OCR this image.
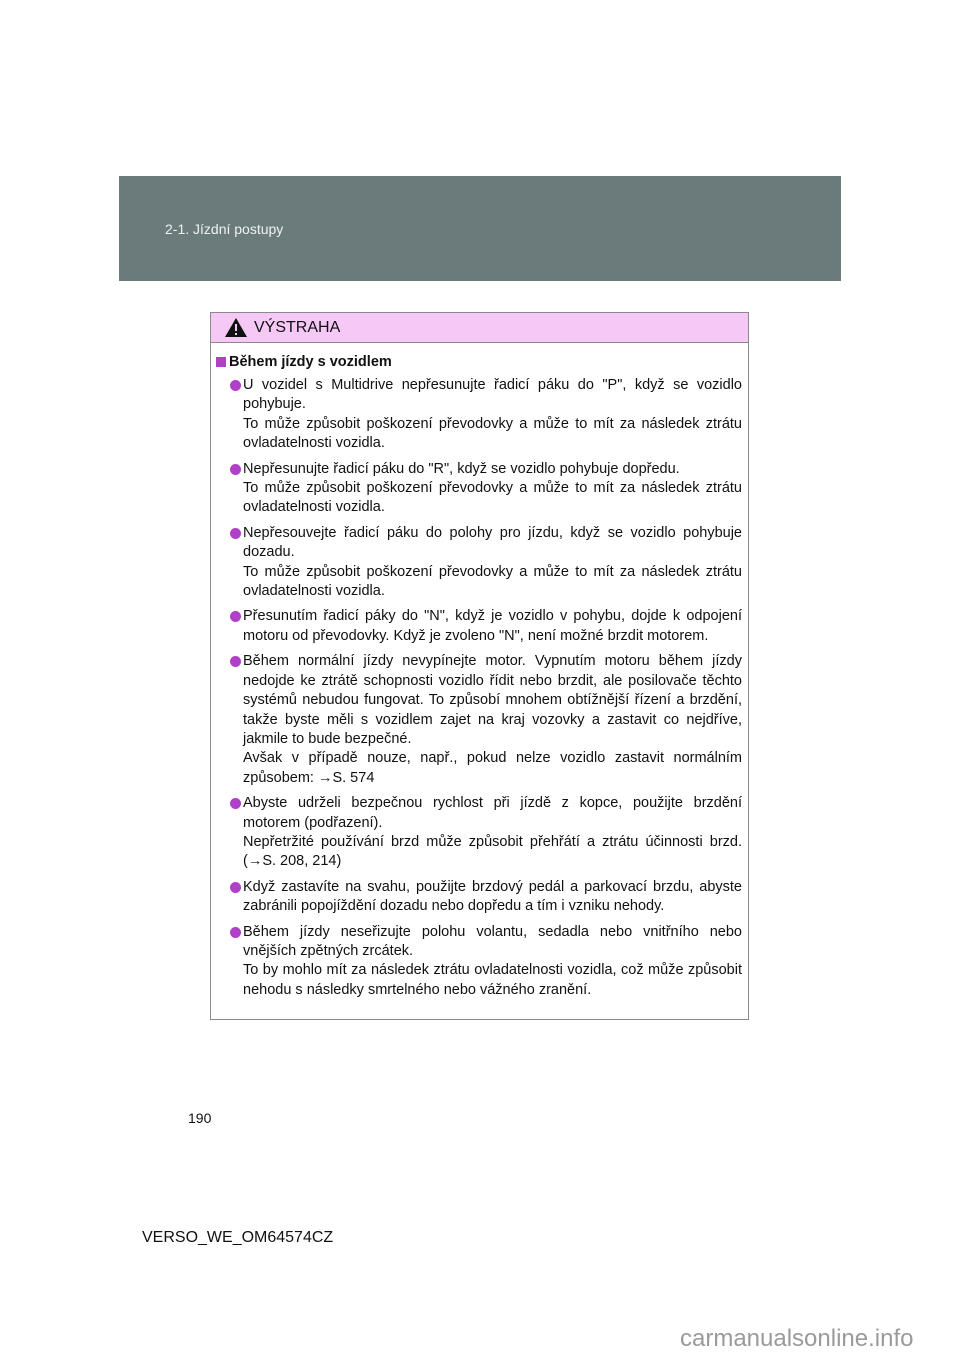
2-1. Jízdní postupy
VÝSTRAHA
Během jízdy s vozidlem

U vozidel s Multidrive nepřesunujte řadicí páku do "P", když se vozidlo pohybuje.

To může způsobit poškození převodovky a může to mít za následek ztrátu ovladatelnosti vozidla.

Nepřesunujte řadicí páku do "R", když se vozidlo pohybuje dopředu.

To může způsobit poškození převodovky a může to mít za následek ztrátu ovladatelnosti vozidla.

Nepřesouvejte řadicí páku do polohy pro jízdu, když se vozidlo pohybuje dozadu.

To může způsobit poškození převodovky a může to mít za následek ztrátu ovladatelnosti vozidla.

Přesunutím řadicí páky do "N", když je vozidlo v pohybu, dojde k odpojení motoru od převodovky. Když je zvoleno "N", není možné brzdit motorem.

Během normální jízdy nevypínejte motor. Vypnutím motoru během jízdy nedojde ke ztrátě schopnosti vozidlo řídit nebo brzdit, ale posilovače těchto systémů nebudou fungovat. To způsobí mnohem obtížnější řízení a brzdění, takže byste měli s vozidlem zajet na kraj vozovky a zastavit co nejdříve, jakmile to bude bezpečné.

Avšak v případě nouze, např., pokud nelze vozidlo zastavit normálním způsobem: →S. 574

Abyste udrželi bezpečnou rychlost při jízdě z kopce, použijte brzdění motorem (podřazení).

Nepřetržité používání brzd může způsobit přehřátí a ztrátu účinnosti brzd. (→S. 208, 214)

Když zastavíte na svahu, použijte brzdový pedál a parkovací brzdu, abyste zabránili popojíždění dozadu nebo dopředu a tím i vzniku nehody.

Během jízdy neseřizujte polohu volantu, sedadla nebo vnitřního nebo vnějších zpětných zrcátek.

To by mohlo mít za následek ztrátu ovladatelnosti vozidla, což může způsobit nehodu s následky smrtelného nebo vážného zranění.

190
VERSO_WE_OM64574CZ
carmanualsonline.info
